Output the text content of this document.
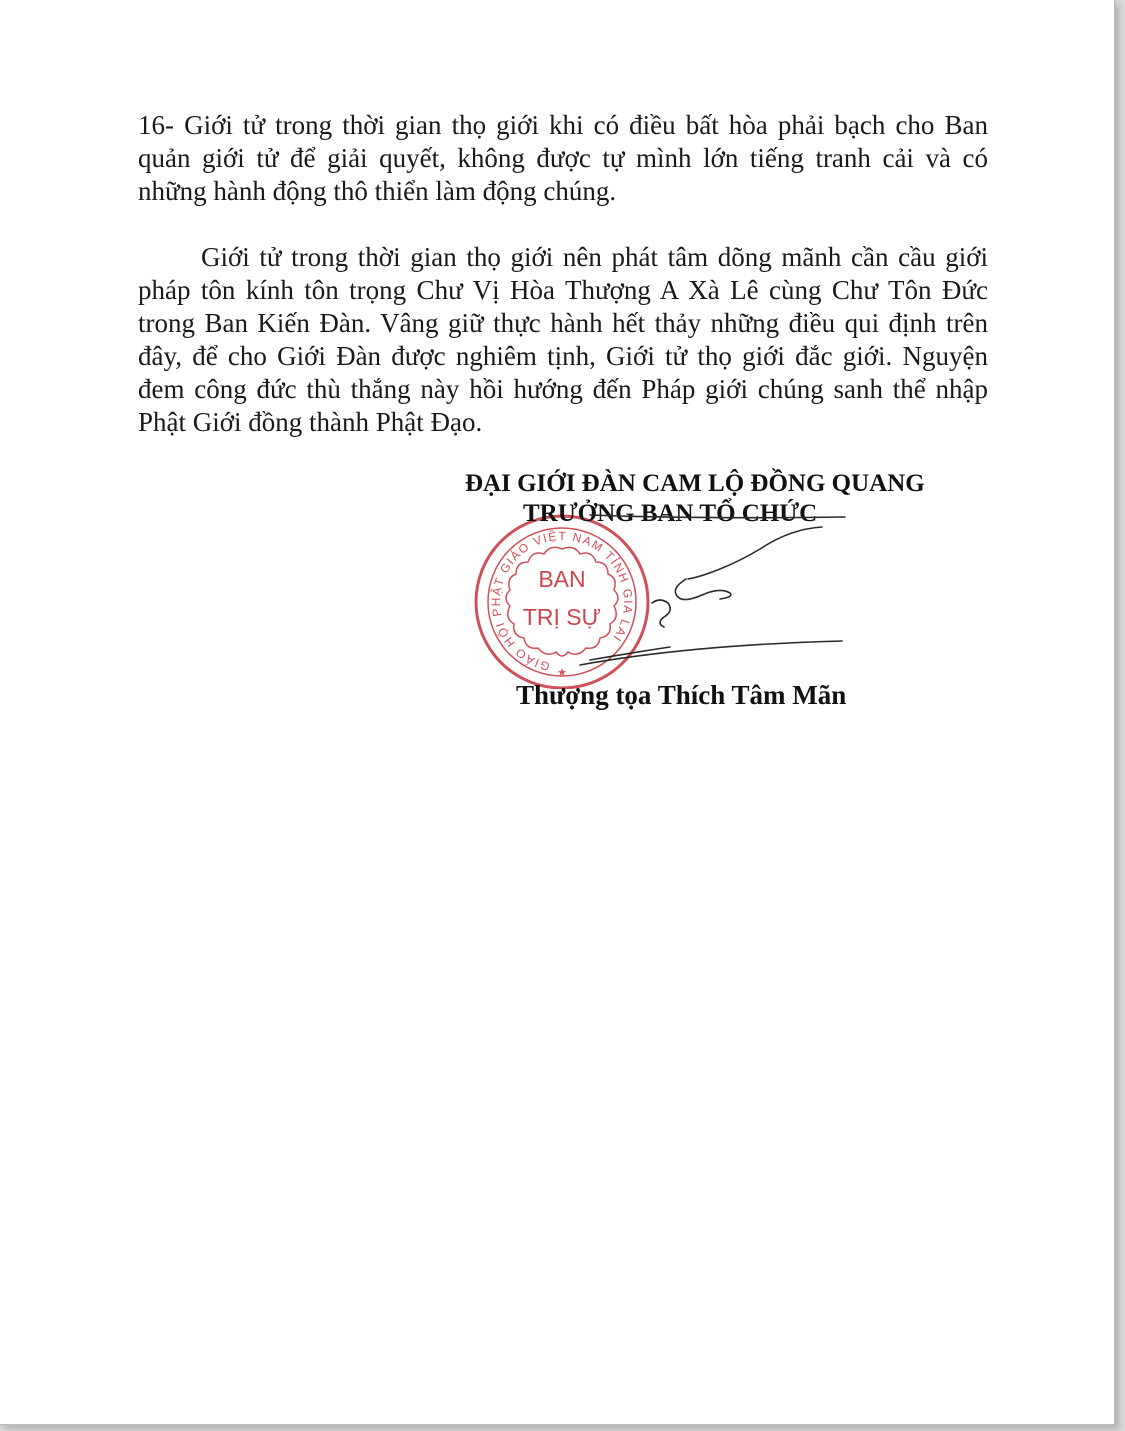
16- Giới tử trong thời gian thọ giới khi có điều bất hòa phải bạch cho Ban quản giới tử để giải quyết, không được tự mình lớn tiếng tranh cải và có những hành động thô thiển làm động chúng.
Giới tử trong thời gian thọ giới nên phát tâm dõng mãnh cần cầu giới pháp tôn kính tôn trọng Chư Vị Hòa Thượng A Xà Lê cùng Chư Tôn Đức trong Ban Kiến Đàn. Vâng giữ thực hành hết thảy những điều qui định trên đây, để cho Giới Đàn được nghiêm tịnh, Giới tử thọ giới đắc giới. Nguyện đem công đức thù thắng này hồi hướng đến Pháp giới chúng sanh thể nhập Phật Giới đồng thành Phật Đạo.
ĐẠI GIỚI ĐÀN CAM LỘ ĐỒNG QUANG
GIÁO HỘI PHẬT GIÁO VIỆT NAM TỈNH GIA LAI
BAN
TRỊ SỰ
★
TRƯỞNG BAN TỔ CHỨC
Thượng tọa Thích Tâm Mãn
